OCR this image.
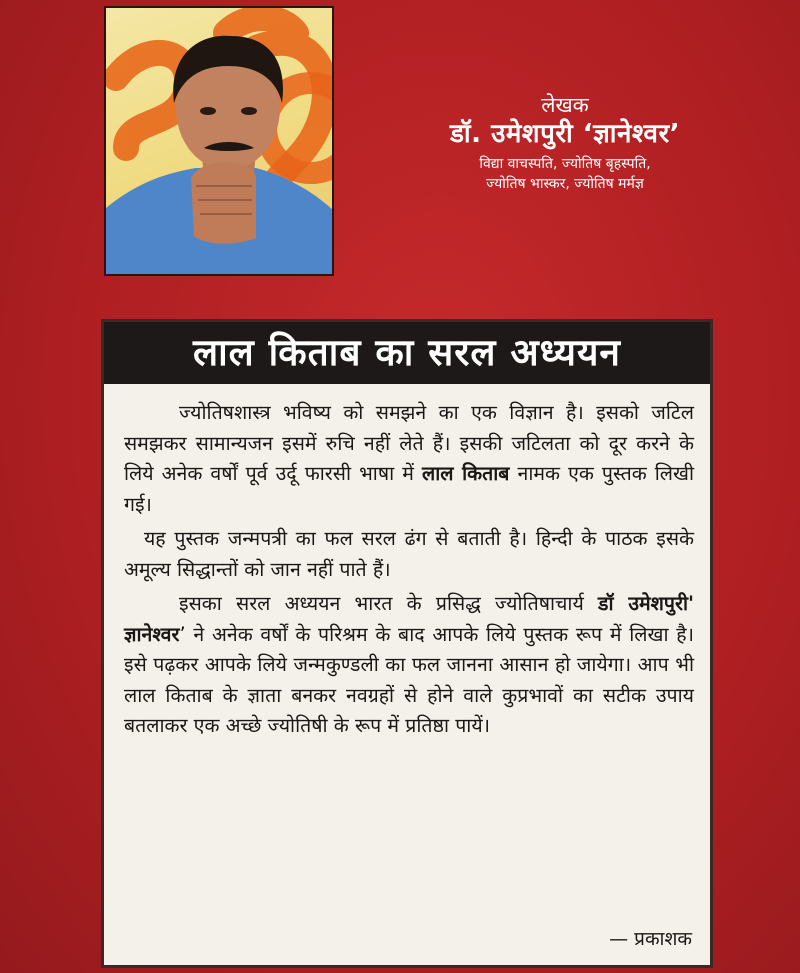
लेखक
डॉ. उमेशपुरी ‘ज्ञानेश्वर’
विद्या वाचस्पति, ज्योतिष बृहस्पति,
ज्योतिष भास्कर, ज्योतिष मर्मज्ञ
लाल किताब का सरल अध्ययन

ज्योतिषशास्त्र भविष्य को समझने का एक विज्ञान है। इसको जटिल समझकर सामान्यजन इसमें रुचि नहीं लेते हैं। इसकी जटिलता को दूर करने के लिये अनेक वर्षों पूर्व उर्दू फारसी भाषा में लाल किताब नामक एक पुस्तक लिखी गई।

यह पुस्तक जन्मपत्री का फल सरल ढंग से बताती है। हिन्दी के पाठक इसके अमूल्य सिद्धान्तों को जान नहीं पाते हैं।

इसका सरल अध्ययन भारत के प्रसिद्ध ज्योतिषाचार्य डॉ उमेशपुरी' ज्ञानेश्वर’ ने अनेक वर्षों के परिश्रम के बाद आपके लिये पुस्तक रूप में लिखा है। इसे पढ़कर आपके लिये जन्मकुण्डली का फल जानना आसान हो जायेगा। आप भी लाल किताब के ज्ञाता बनकर नवग्रहों से होने वाले कुप्रभावों का सटीक उपाय बतलाकर एक अच्छे ज्योतिषी के रूप में प्रतिष्ठा पायें।

— प्रकाशक
